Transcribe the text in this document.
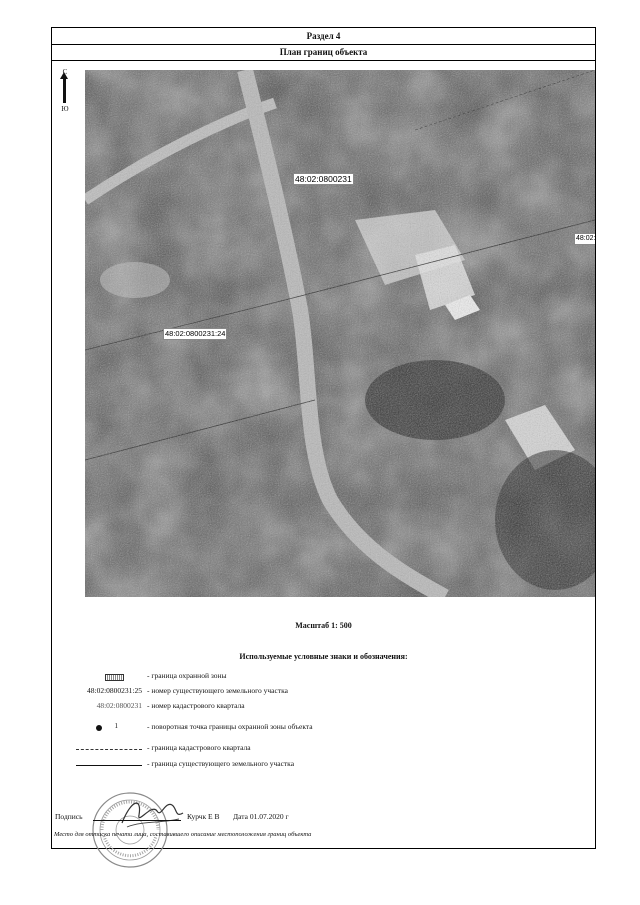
Раздел 4
План границ объекта
Ю
48:02:0800231
48:02:0800231:24
48:02:
Масштаб 1: 500
Используемые условные знаки и обозначения:
- граница охранной зоны
48:02:0800231:25 - номер существующего земельного участка
48:02:0800231 - номер кадастрового квартала
1	- поворотная точка границы охранной зоны объекта
- граница кадастрового квартала
- граница существующего земельного участка
Подпись	Курчк Е В Дата 01.07.2020 г
Место для оттиска печати лица, составившего описание местоположения границ объекта
